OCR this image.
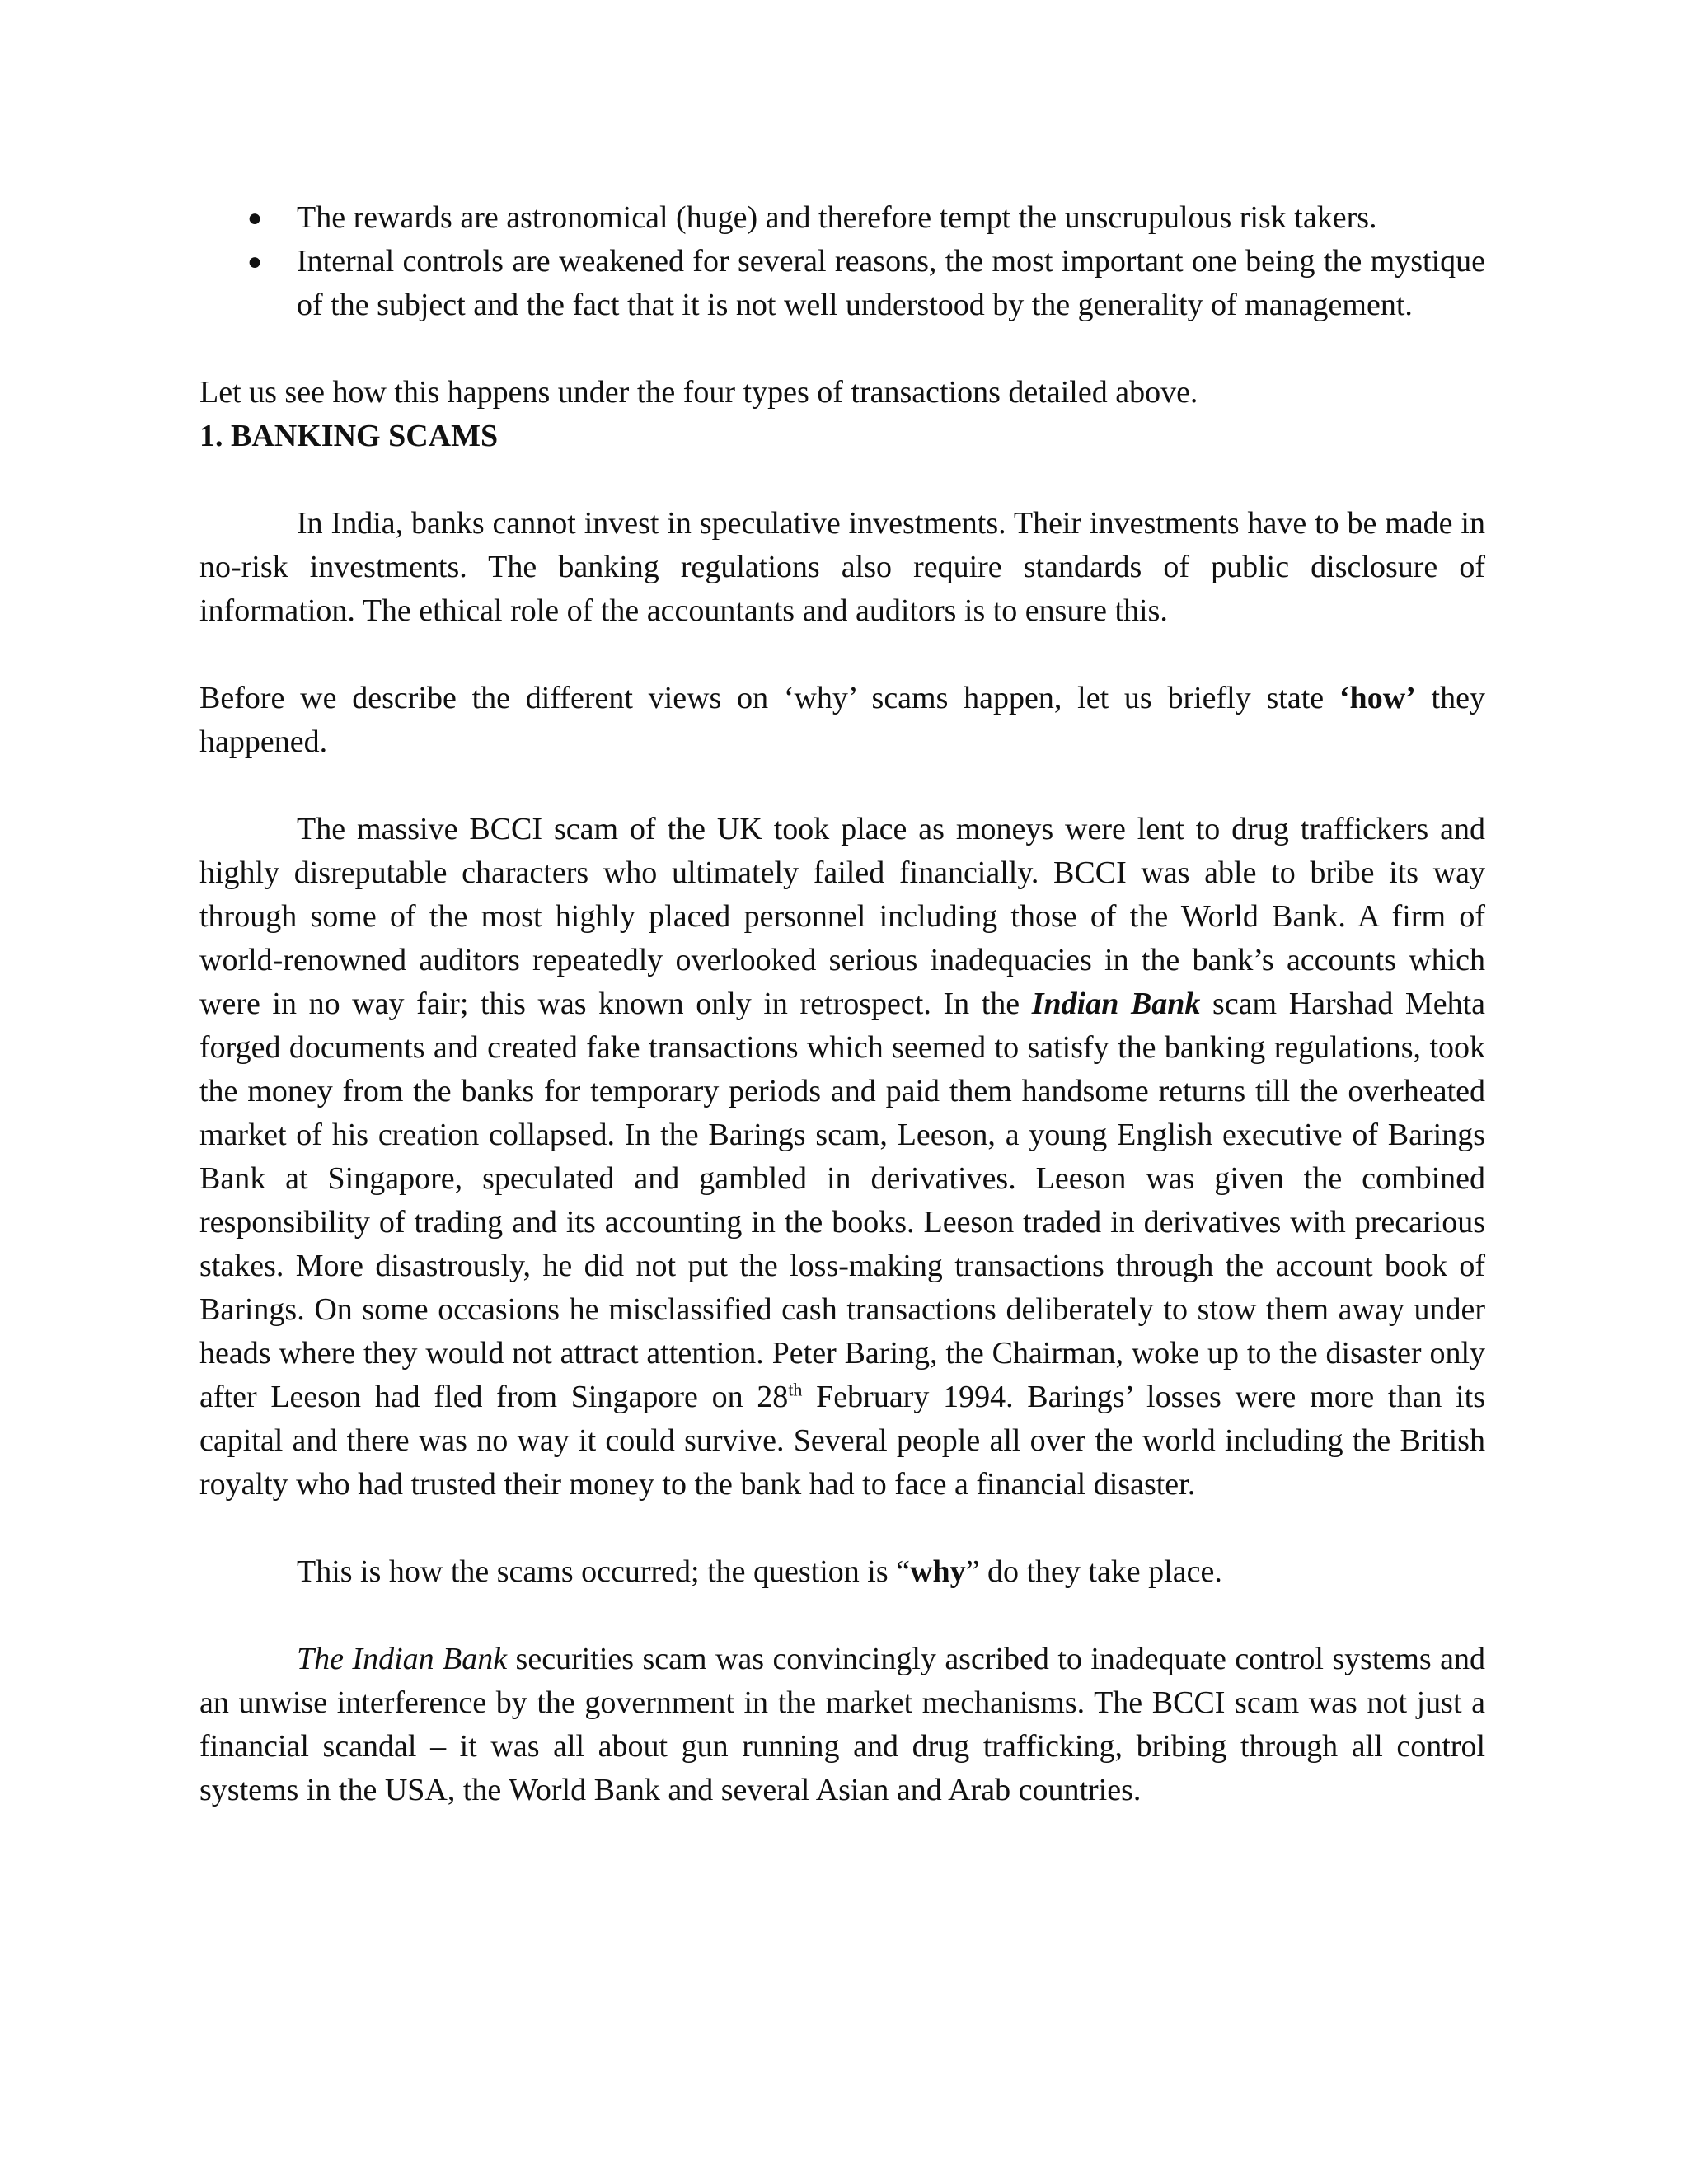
● The rewards are astronomical (huge) and therefore tempt the unscrupulous risk takers.
● Internal controls are weakened for several reasons, the most important one being the mystique of the subject and the fact that it is not well understood by the generality of management.

Let us see how this happens under the four types of transactions detailed above.

1. BANKING SCAMS

In India, banks cannot invest in speculative investments. Their investments have to be made in no-risk investments. The banking regulations also require standards of public disclosure of information. The ethical role of the accountants and auditors is to ensure this.

Before we describe the different views on ‘why’ scams happen, let us briefly state ‘how’ they happened.

The massive BCCI scam of the UK took place as moneys were lent to drug traffickers and highly disreputable characters who ultimately failed financially. BCCI was able to bribe its way through some of the most highly placed personnel including those of the World Bank. A firm of world-renowned auditors repeatedly overlooked serious inadequacies in the bank’s accounts which were in no way fair; this was known only in retrospect. In the Indian Bank scam Harshad Mehta forged documents and created fake transactions which seemed to satisfy the banking regulations, took the money from the banks for temporary periods and paid them handsome returns till the overheated market of his creation collapsed. In the Barings scam, Leeson, a young English executive of Barings Bank at Singapore, speculated and gambled in derivatives. Leeson was given the combined responsibility of trading and its accounting in the books. Leeson traded in derivatives with precarious stakes. More disastrously, he did not put the loss-making transactions through the account book of Barings. On some occasions he misclassified cash transactions deliberately to stow them away under heads where they would not attract attention. Peter Baring, the Chairman, woke up to the disaster only after Leeson had fled from Singapore on 28th February 1994. Barings’ losses were more than its capital and there was no way it could survive. Several people all over the world including the British royalty who had trusted their money to the bank had to face a financial disaster.

This is how the scams occurred; the question is “why” do they take place.

The Indian Bank securities scam was convincingly ascribed to inadequate control systems and an unwise interference by the government in the market mechanisms. The BCCI scam was not just a financial scandal – it was all about gun running and drug trafficking, bribing through all control systems in the USA, the World Bank and several Asian and Arab countries.
